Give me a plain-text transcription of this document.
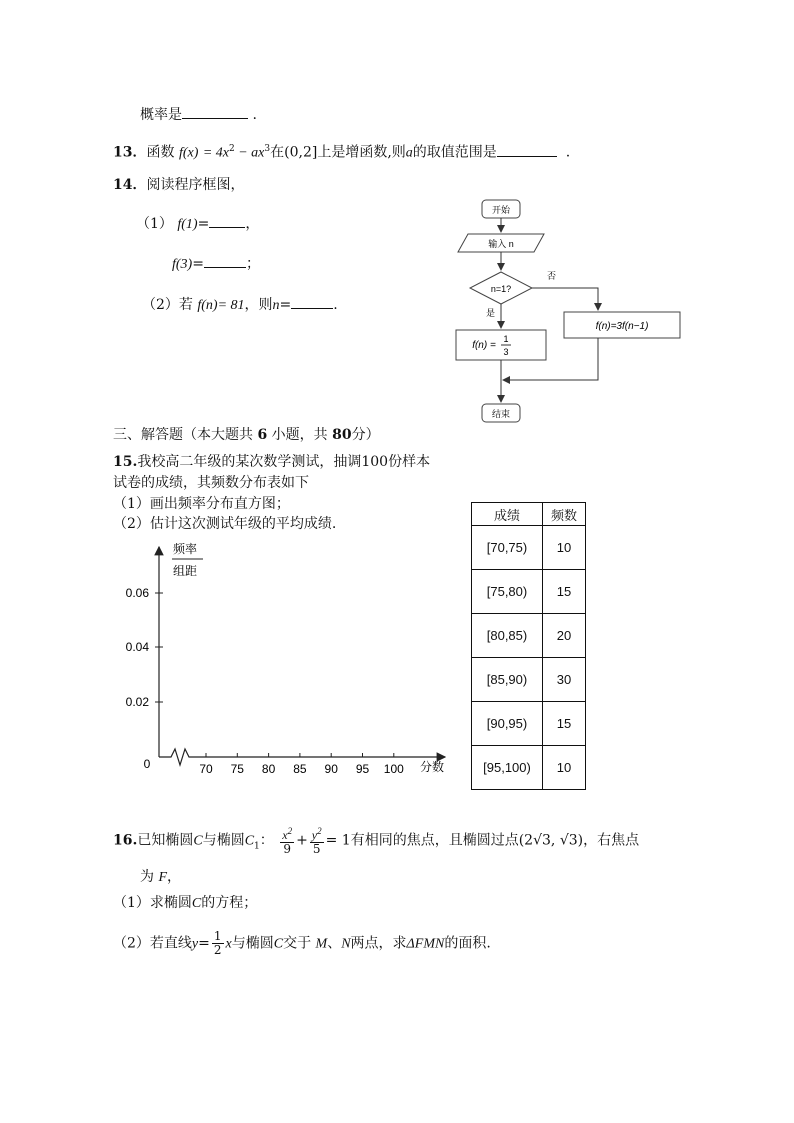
概率是	.
13．函数 $f(x) = 4x^2 - ax^3$在(0,2]上是增函数,则a的取值范围是	.
14．阅读程序框图，
（1） f(1)=	，
f(3)=	；
（2）若 f(n)= 81，则n=	.
开始
输入 n
n=1?
否
f(n)=3f(n−1)
是
f(n) =
1
3
结束
三、解答题（本大题共 6 小题，共 80分）
15.我校高二年级的某次数学测试，抽调100份样本
试卷的成绩，其频数分布表如下
（1）画出频率分布直方图；
（2）估计这次测试年级的平均成绩.
频率
组距
0
0.02
0.04
0.06
70 75 80 85 90 95 100 分数
成绩	频数
[70,75)	10
[75,80)	15
[80,85)	20
[85,90)	30
[90,95)	15
[95,100)	10
16.已知椭圆C与椭圆$C_1$： $\frac{x^2}{9} + \frac{y^2}{5} = 1$有相同的焦点，且椭圆过点(2√3, √3)，右焦点
为 F，
（1）求椭圆C的方程；
（2）若直线$y= \frac{1}{2}$ x与椭圆C交于 M、N两点，求ΔFMN的面积.
